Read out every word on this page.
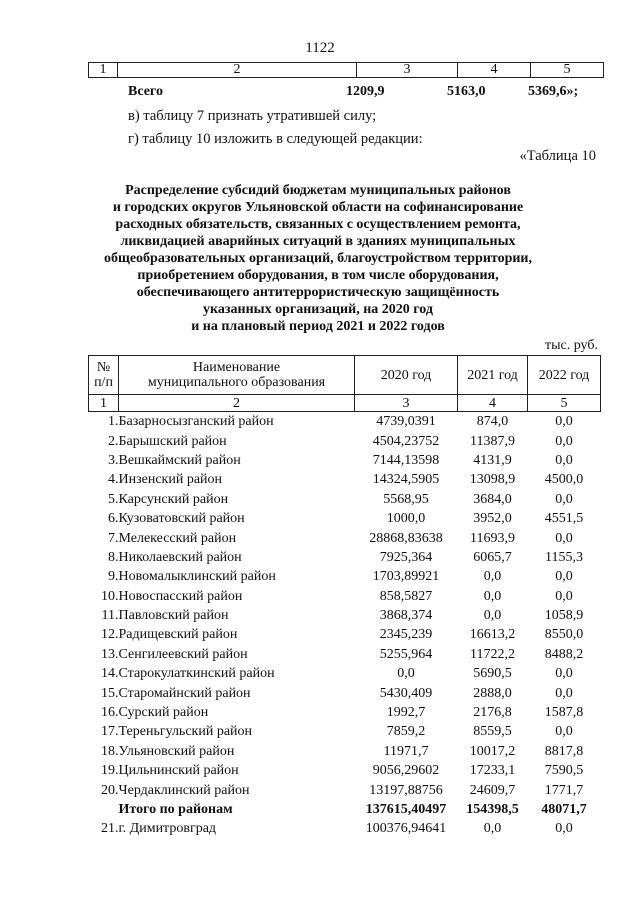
1122
1	2	3	4	5
Всего	1209,9	5163,0	5369,6»;
в) таблицу 7 признать утратившей силу;
г) таблицу 10 изложить в следующей редакции:
«Таблица 10
Распределение субсидий бюджетам муниципальных районов
и городских округов Ульяновской области на софинансирование
расходных обязательств, связанных с осуществлением ремонта,
ликвидацией аварийных ситуаций в зданиях муниципальных
общеобразовательных организаций, благоустройством территории,
приобретением оборудования, в том числе оборудования,
обеспечивающего антитеррористическую защищённость
указанных организаций, на 2020 год
и на плановый период 2021 и 2022 годов
тыс. руб.
№
п/п	Наименование
муниципального образования	2020 год	2021 год	2022 год
1	2	3	4	5
1.	Базарносызганский район	4739,0391	874,0	0,0
2.	Барышский район	4504,23752	11387,9	0,0
3.	Вешкаймский район	7144,13598	4131,9	0,0
4.	Инзенский район	14324,5905	13098,9	4500,0
5.	Карсунский район	5568,95	3684,0	0,0
6.	Кузоватовский район	1000,0	3952,0	4551,5
7.	Мелекесский район	28868,83638	11693,9	0,0
8.	Николаевский район	7925,364	6065,7	1155,3
9.	Новомалыклинский район	1703,89921	0,0	0,0
10.	Новоспасский район	858,5827	0,0	0,0
11.	Павловский район	3868,374	0,0	1058,9
12.	Радищевский район	2345,239	16613,2	8550,0
13.	Сенгилеевский район	5255,964	11722,2	8488,2
14.	Старокулаткинский район	0,0	5690,5	0,0
15.	Старомайнский район	5430,409	2888,0	0,0
16.	Сурский район	1992,7	2176,8	1587,8
17.	Тереньгульский район	7859,2	8559,5	0,0
18.	Ульяновский район	11971,7	10017,2	8817,8
19.	Цильнинский район	9056,29602	17233,1	7590,5
20.	Чердаклинский район	13197,88756	24609,7	1771,7
	Итого по районам	137615,40497	154398,5	48071,7
21.	г. Димитровград	100376,94641	0,0	0,0
